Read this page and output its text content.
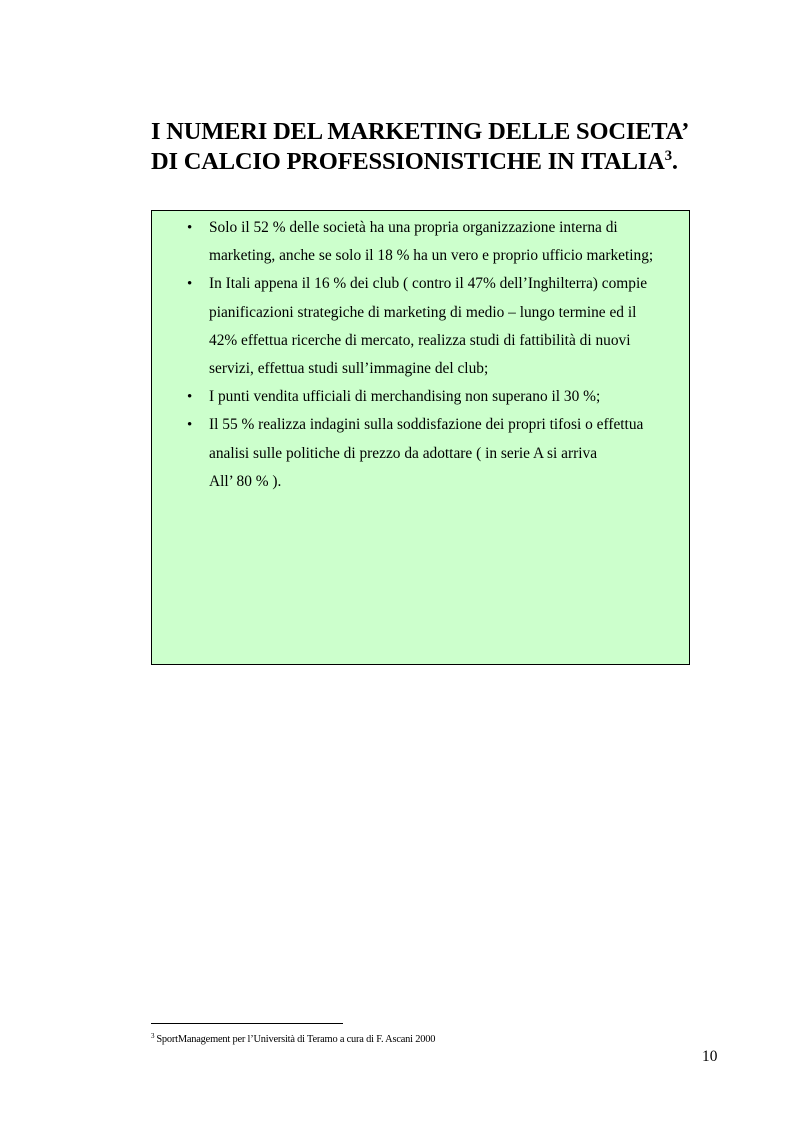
I NUMERI DEL MARKETING DELLE SOCIETA’
DI CALCIO PROFESSIONISTICHE IN ITALIA$^3$.
• Solo il 52 % delle società ha una propria organizzazione interna di
marketing, anche se solo il 18 % ha un vero e proprio ufficio marketing;
• In Itali appena il 16 % dei club ( contro il 47% dell’Inghilterra) compie
pianificazioni strategiche di marketing di medio – lungo termine ed il
42% effettua ricerche di mercato, realizza studi di fattibilità di nuovi
servizi, effettua studi sull’immagine del club;
• I punti vendita ufficiali di merchandising non superano il 30 %;
• Il 55 % realizza indagini sulla soddisfazione dei propri tifosi o effettua
analisi sulle politiche di prezzo da adottare ( in serie A si arriva
All’ 80 % ).
$^3$ SportManagement per l’Università di Teramo a cura di F. Ascani 2000
10
